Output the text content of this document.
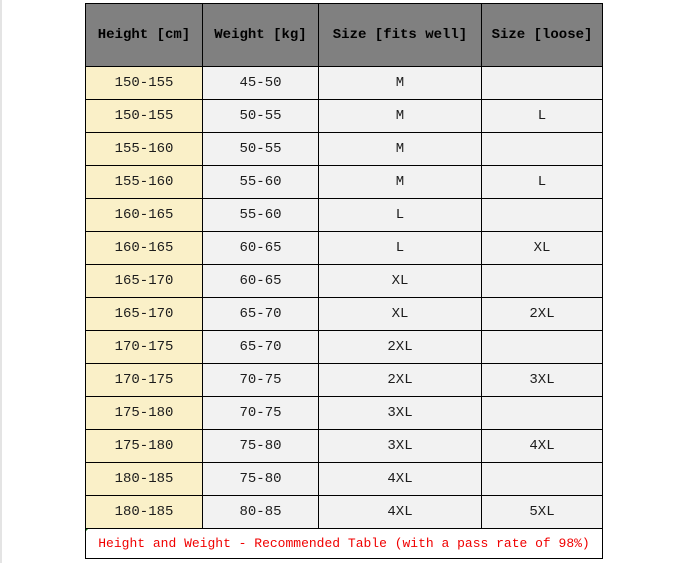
Height [cm]	Weight [kg]	Size [fits well]	Size [loose]
150-155	45-50	M	
150-155	50-55	M	L
155-160	50-55	M	
155-160	55-60	M	L
160-165	55-60	L	
160-165	60-65	L	XL
165-170	60-65	XL	
165-170	65-70	XL	2XL
170-175	65-70	2XL	
170-175	70-75	2XL	3XL
175-180	70-75	3XL	
175-180	75-80	3XL	4XL
180-185	75-80	4XL	
180-185	80-85	4XL	5XL

Height and Weight - Recommended Table (with a pass rate of 98%)			
